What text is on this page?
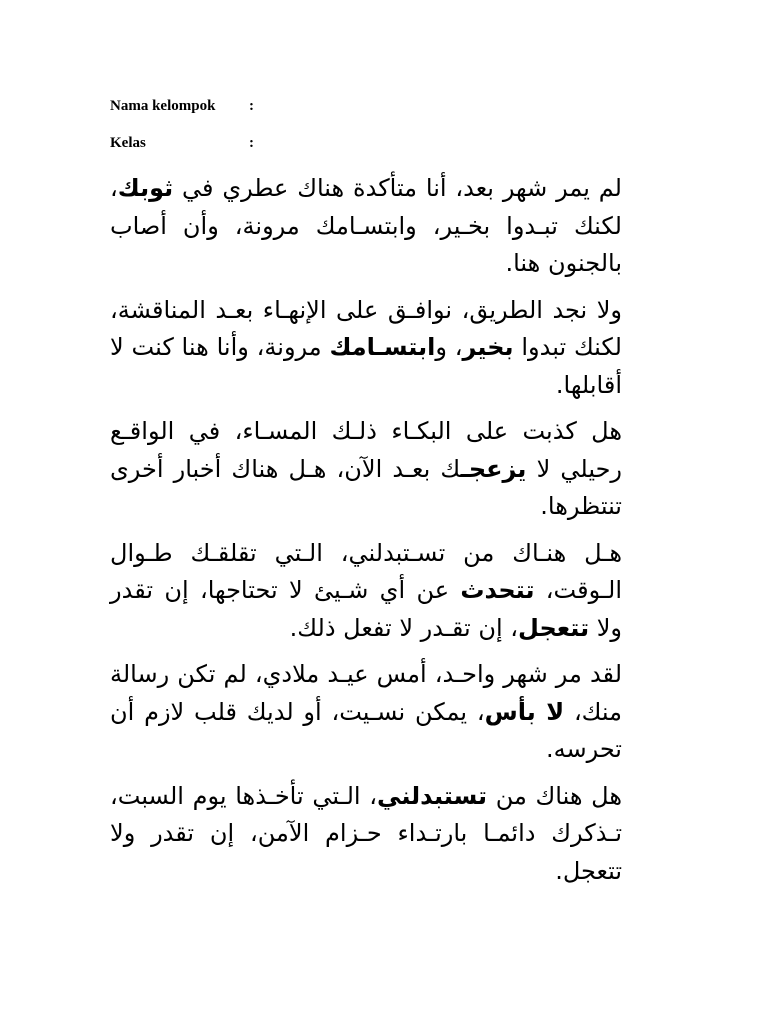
Nama kelompok :
Kelas	:

لم يمر شهر بعد، أنا متأكدة هناك عطري في ثوبك، لكنك تبـدوا بخـير، وابتسـامك مرونة، وأن أصاب بالجنون هنا.

ولا نجد الطريق، نوافـق على الإنهـاء بعـد المناقشة، لكنك تبدوا بخير، وابتسـامك مرونة، وأنا هنا كنت لا أقابلها.

هل كذبت على البكـاء ذلـك المسـاء، في الواقـع رحيلي لا يزعجـك بعـد الآن، هـل هناك أخبار أخرى تنتظرها.

هـل هنـاك من تسـتبدلني، الـتي تقلقـك طـوال الـوقت، تتحدث عن أي شـيئ لا تحتاجها، إن تقدر ولا تتعجل، إن تقـدر لا تفعل ذلك.

لقد مر شهر واحـد، أمس عيـد ملادي، لم تكن رسالة منك، لا بأس، يمكن نسـيت، أو لديك قلب لازم أن تحرسه.

هل هناك من تستبدلني، الـتي تأخـذها يوم السبت، تـذكرك دائمـا بارتـداء حـزام الآمن، إن تقدر ولا تتعجل.
